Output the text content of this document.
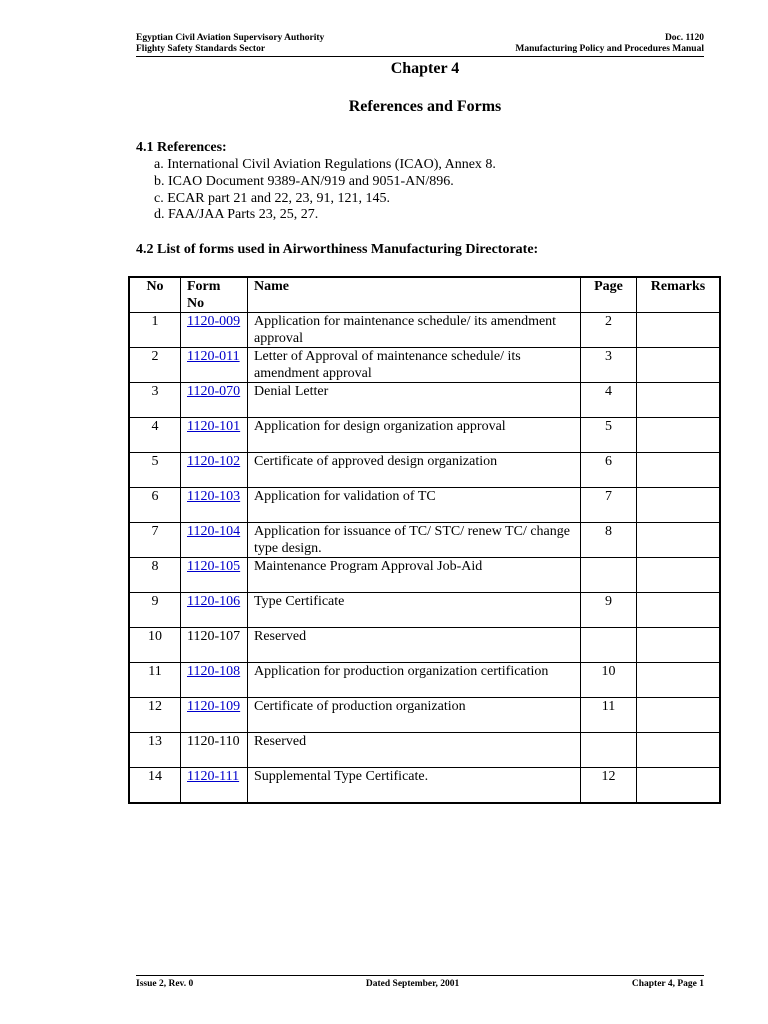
Egyptian Civil Aviation Supervisory Authority	Doc. 1120
Flighty Safety Standards Sector	Manufacturing Policy and Procedures Manual
Chapter 4
References and Forms
4.1 References:
a. International Civil Aviation Regulations (ICAO), Annex 8.
b. ICAO Document 9389-AN/919 and 9051-AN/896.
c. ECAR part 21 and 22, 23, 91, 121, 145.
d. FAA/JAA Parts 23, 25, 27.
4.2 List of forms used in Airworthiness Manufacturing Directorate:
No	Form No	Name	Page	Remarks
1	1120-009	Application for maintenance schedule/ its amendment approval	2	
2	1120-011	Letter of Approval of maintenance schedule/ its amendment approval	3	
3	1120-070	Denial Letter	4	
4	1120-101	Application for design organization approval	5	
5	1120-102	Certificate of approved design organization	6	
6	1120-103	Application for validation of TC	7	
7	1120-104	Application for issuance of TC/ STC/ renew TC/ change type design.	8	
8	1120-105	Maintenance Program Approval Job-Aid		
9	1120-106	Type Certificate	9	
10	1120-107	Reserved		
11	1120-108	Application for production organization certification	10	
12	1120-109	Certificate of production organization	11	
13	1120-110	Reserved		
14	1120-111	Supplemental Type Certificate.	12	
Issue 2, Rev. 0	Dated September, 2001	Chapter 4, Page 1
